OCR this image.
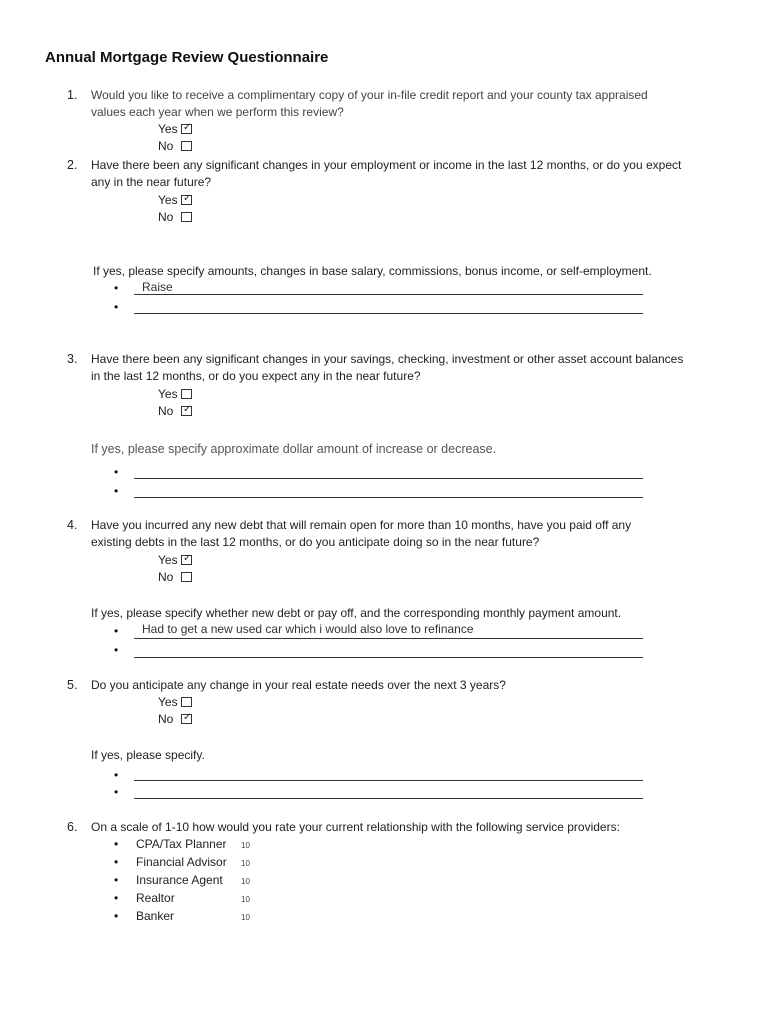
Annual Mortgage Review Questionnaire
1. Would you like to receive a complimentary copy of your in-file credit report and your county tax appraised
values each year when we perform this review?
Yes ✓
No
2. Have there been any significant changes in your employment or income in the last 12 months, or do you expect
any in the near future?
Yes ✓
No
If yes, please specify amounts, changes in base salary, commissions, bonus income, or self-employment.
• Raise
•
3. Have there been any significant changes in your savings, checking, investment or other asset account balances
in the last 12 months, or do you expect any in the near future?
Yes
No ✓
If yes, please specify approximate dollar amount of increase or decrease.
•
•
4. Have you incurred any new debt that will remain open for more than 10 months, have you paid off any
existing debts in the last 12 months, or do you anticipate doing so in the near future?
Yes ✓
No
If yes, please specify whether new debt or pay off, and the corresponding monthly payment amount.
• Had to get a new used car which i would also love to refinance
•
5. Do you anticipate any change in your real estate needs over the next 3 years?
Yes
No ✓
If yes, please specify.
•
•
6. On a scale of 1-10 how would you rate your current relationship with the following service providers:
• CPA/Tax Planner 10
• Financial Advisor 10
• Insurance Agent 10
• Realtor	10
• Banker	10
